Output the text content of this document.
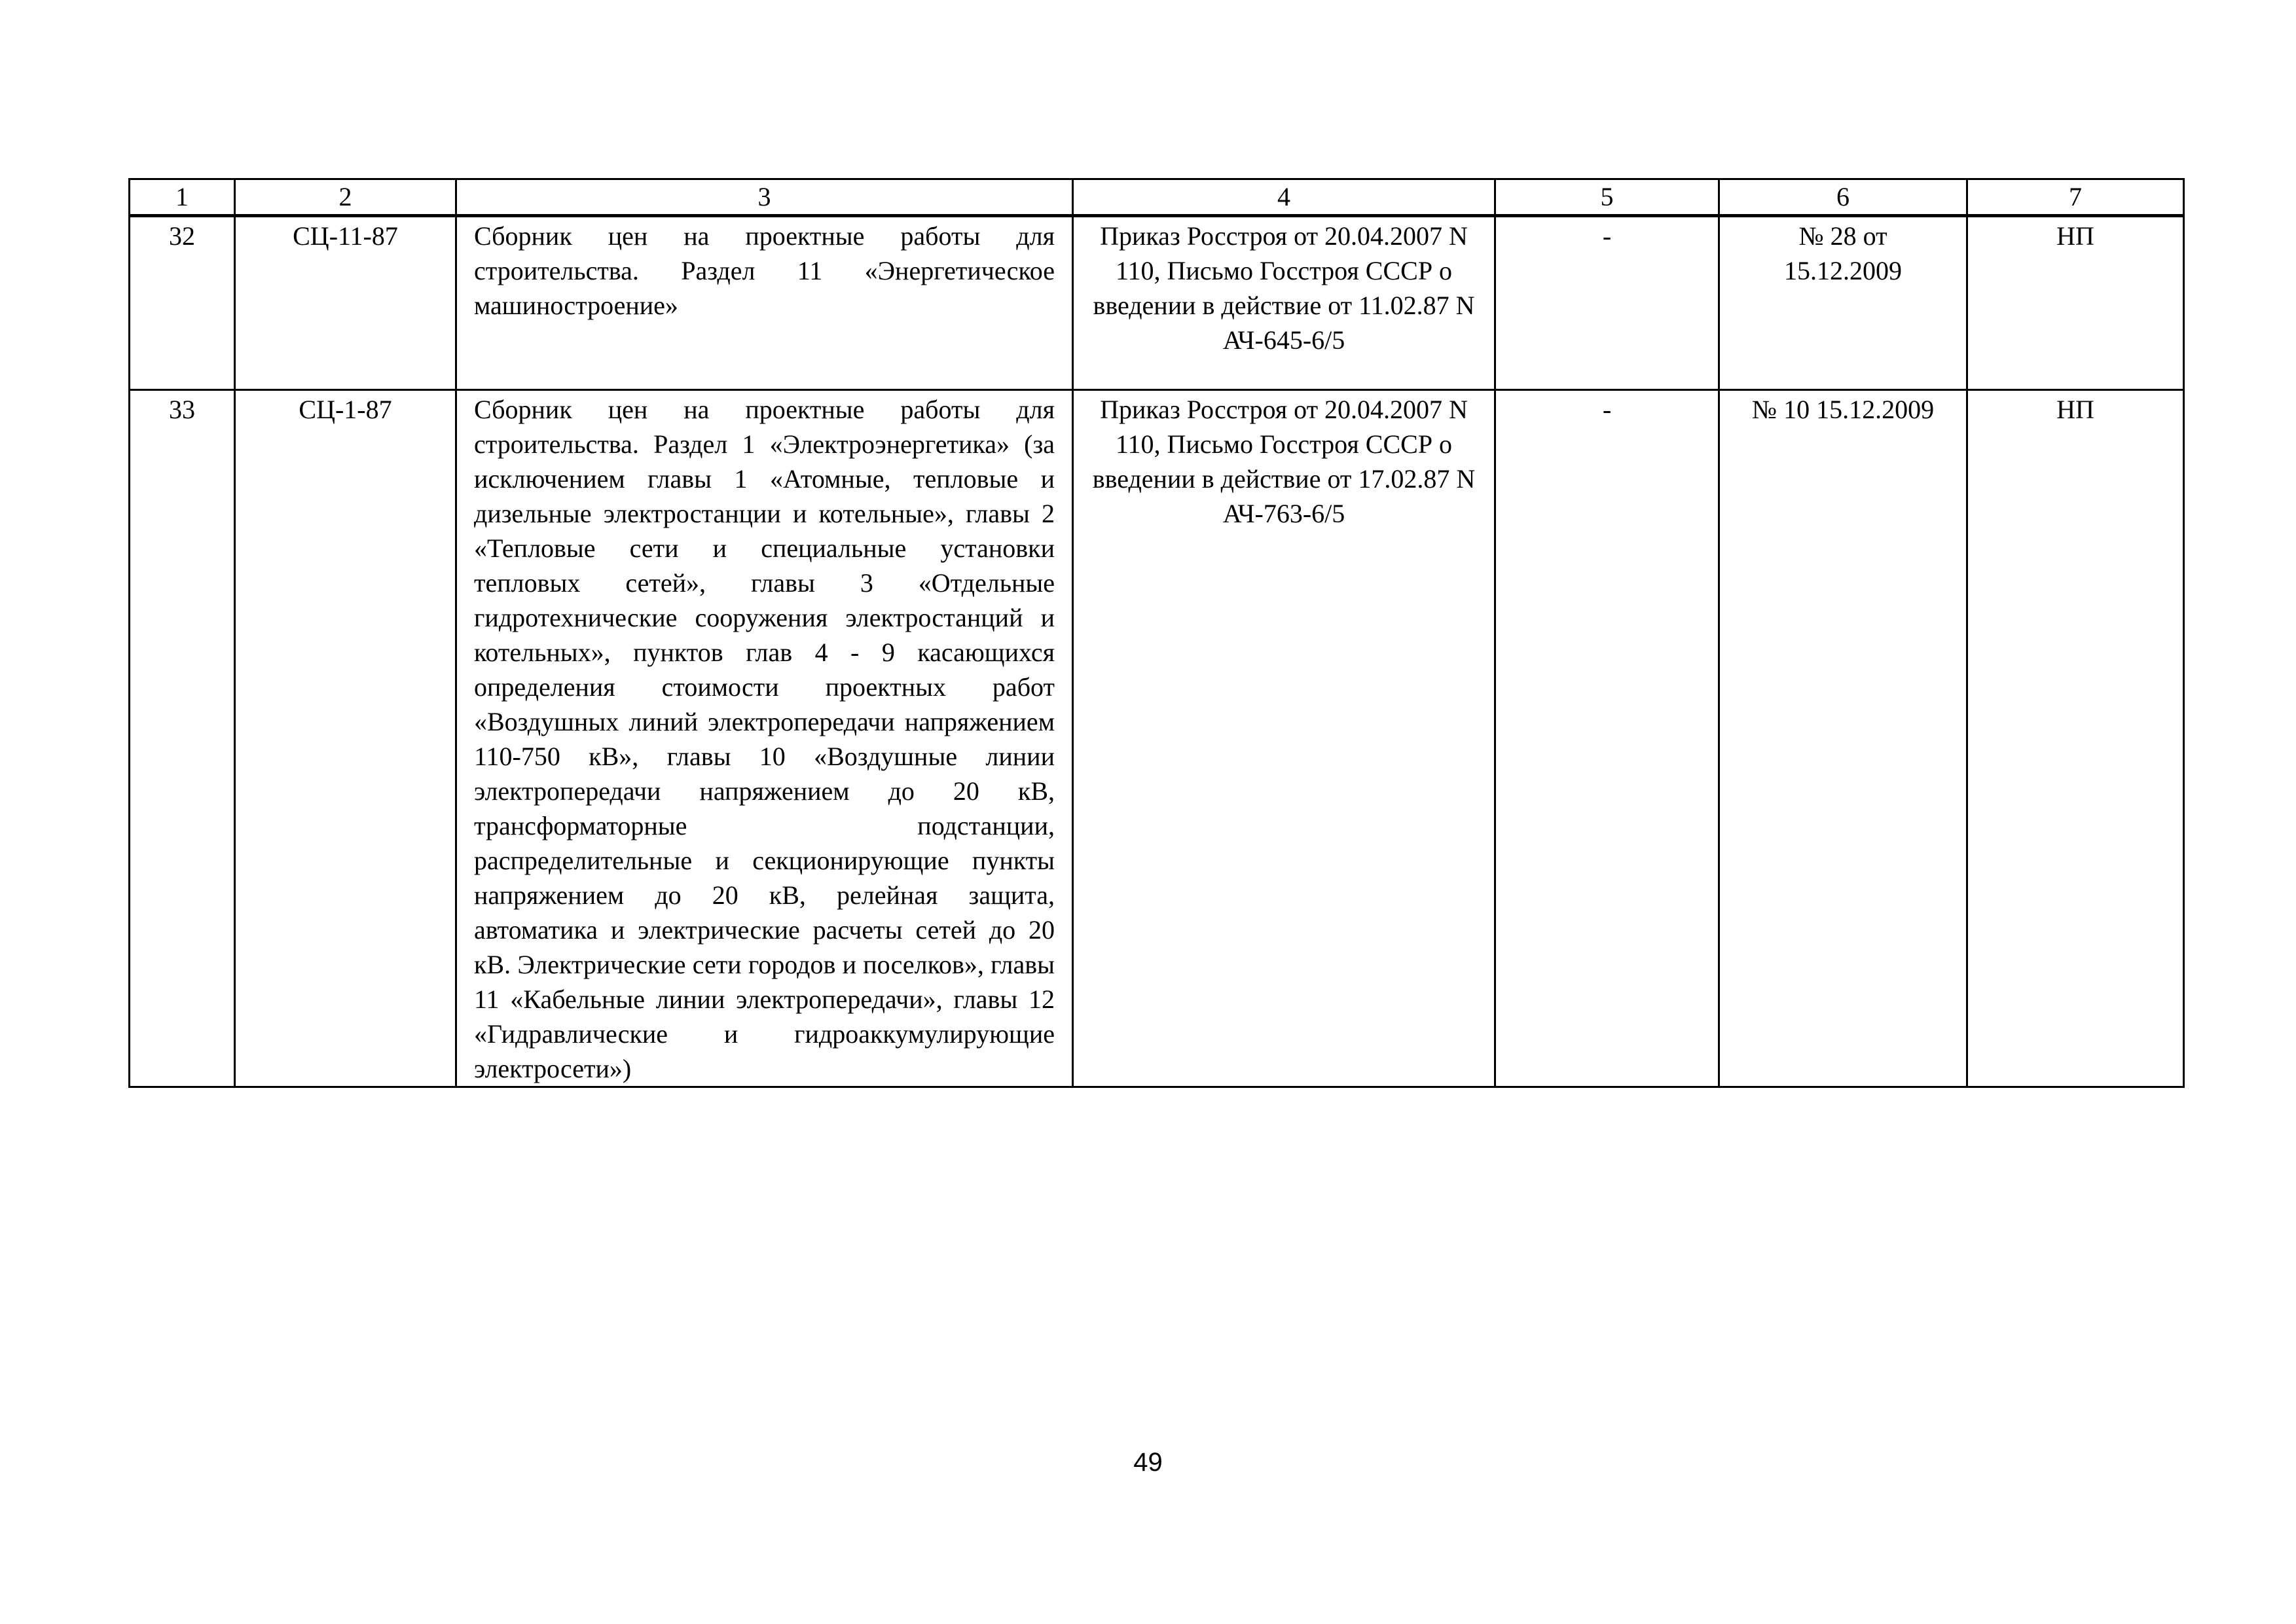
1	2	3	4	5	6	7
32	СЦ-11-87	Сборник цен на проектные работы для строительства. Раздел 11 «Энергетическое машиностроение»	Приказ Росстроя от 20.04.2007 N 110, Письмо Госстроя СССР о введении в действие от 11.02.87 N АЧ-645-6/5	-	№ 28 от 15.12.2009	НП
33	СЦ-1-87	Сборник цен на проектные работы для строительства. Раздел 1 «Электроэнергетика» (за исключением главы 1 «Атомные, тепловые и дизельные электростанции и котельные», главы 2 «Тепловые сети и специальные установки тепловых сетей», главы 3 «Отдельные гидротехнические сооружения электростанций и котельных», пунктов глав 4 - 9 касающихся определения стоимости проектных работ «Воздушных линий электропередачи напряжением 110-750 кВ», главы 10 «Воздушные линии электропередачи напряжением до 20 кВ, трансформаторные подстанции, распределительные и секционирующие пункты напряжением до 20 кВ, релейная защита, автоматика и электрические расчеты сетей до 20 кВ. Электрические сети городов и поселков», главы 11 «Кабельные линии электропередачи», главы 12 «Гидравлические и гидроаккумулирующие электросети»)	Приказ Росстроя от 20.04.2007 N 110, Письмо Госстроя СССР о введении в действие от 17.02.87 N АЧ-763-6/5	-	№ 10 15.12.2009	НП
49
